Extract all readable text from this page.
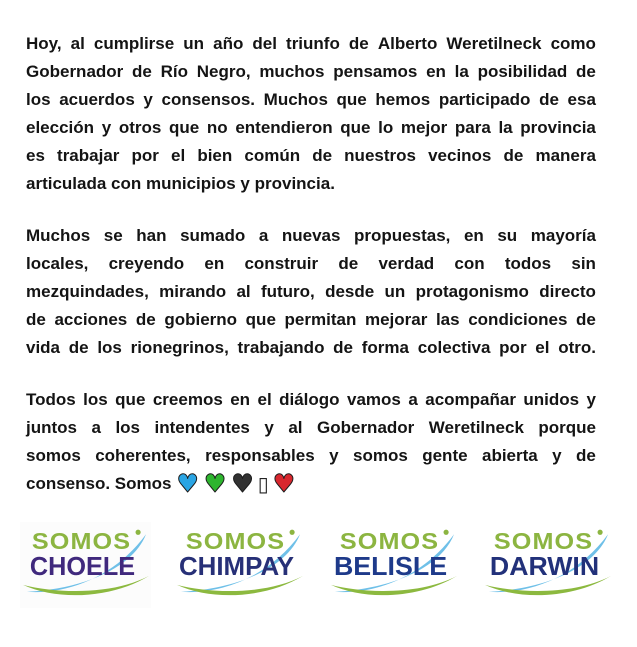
Hoy, al cumplirse un año del triunfo de Alberto Weretilneck como
Gobernador de Río Negro, muchos pensamos en la posibilidad de
los acuerdos y consensos. Muchos que hemos participado de esa
elección y otros que no entendieron que lo mejor para la provincia
es trabajar por el bien común de nuestros vecinos de manera
articulada con municipios y provincia.
Muchos se han sumado a nuevas propuestas, en su mayoría
locales, creyendo en construir de verdad con todos sin
mezquindades, mirando al futuro, desde un protagonismo directo
de acciones de gobierno que permitan mejorar las condiciones de
vida de los rionegrinos, trabajando de forma colectiva por el otro.
Todos los que creemos en el diálogo vamos a acompañar unidos y
juntos a los intendentes y al Gobernador Weretilneck porque
somos coherentes, responsables y somos gente abierta y de
consenso. Somos ♥ ♥ ♥ ▯ ♥
SOMOS
CHOELE
SOMOS
CHIMPAY
SOMOS
BELISLE
SOMOS
DARWIN
